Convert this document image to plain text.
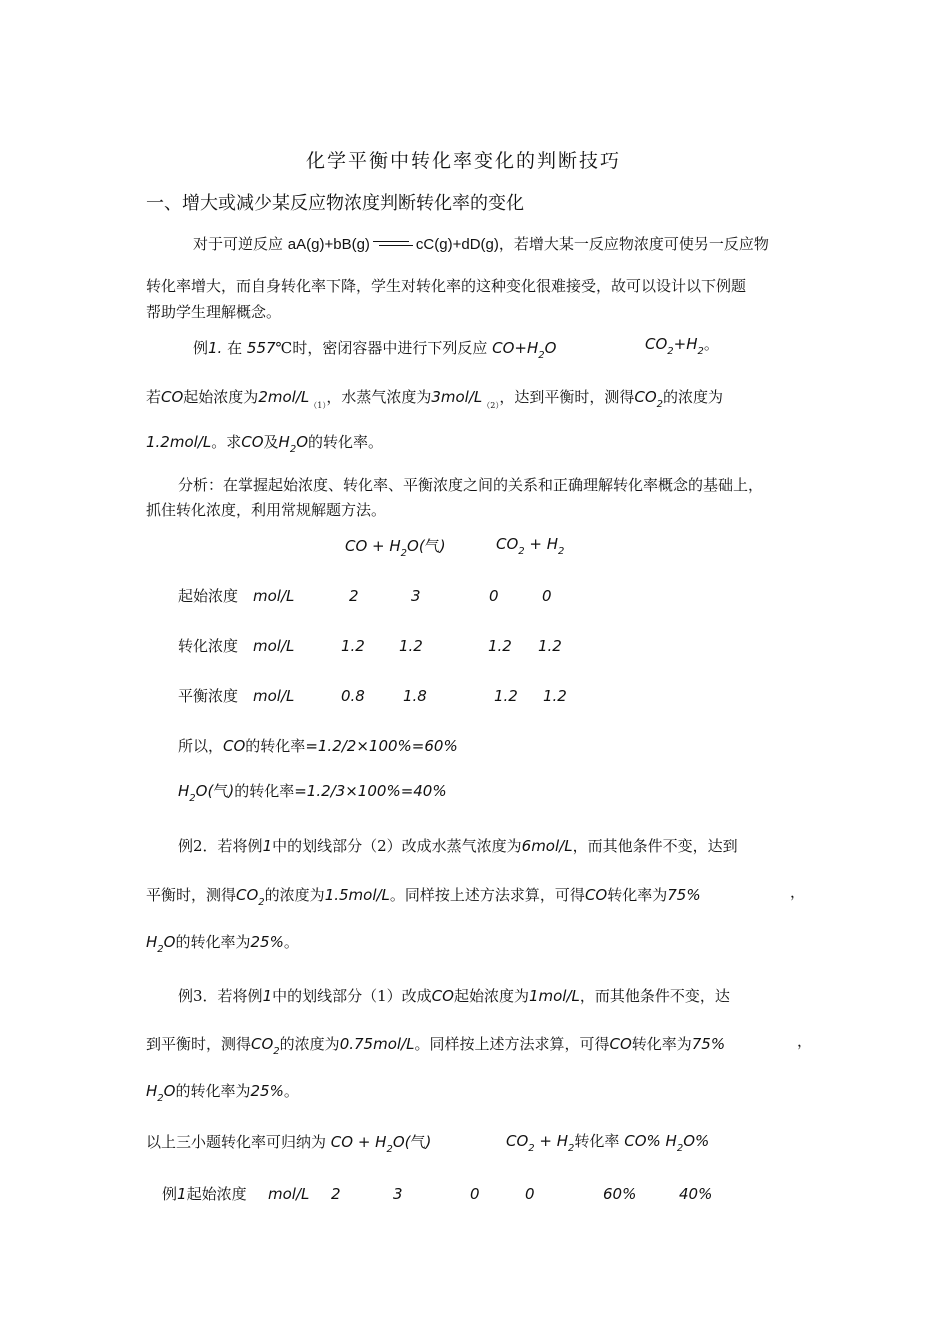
化学平衡中转化率变化的判断技巧
一、增大或减少某反应物浓度判断转化率的变化
对于可逆反应 aA(g)+bB(g)	cC(g)+dD(g)，若增大某一反应物浓度可使另一反应物
转化率增大，而自身转化率下降，学生对转化率的这种变化很难接受，故可以设计以下例题
帮助学生理解概念。
例1. 在 557℃时，密闭容器中进行下列反应 $CO+H_2O$	$CO_2+H_2$。
若CO起始浓度为$2mol/L_{(1)}$，水蒸气浓度为$3mol/L_{(2)}$，达到平衡时，测得$CO_2$的浓度为
1.2mol/L。求CO及$H_2O$的转化率。
分析：在掌握起始浓度、转化率、平衡浓度之间的关系和正确理解转化率概念的基础上，
抓住转化浓度，利用常规解题方法。
CO + $H_2O$(气)	$CO_2 + H_2$
起始浓度 mol/L	2	3	0	0
转化浓度 mol/L	1.2 1.2	1.2 1.2
平衡浓度 mol/L	0.8	1.8	1.2 1.2
所以，CO的转化率=1.2/2×100%=60%
$H_2O$(气)的转化率=1.2/3×100%=40%
例2．若将例1中的划线部分（2）改成水蒸气浓度为6mol/L，而其他条件不变，达到
平衡时，测得$CO_2$的浓度为1.5mol/L。同样按上述方法求算，可得CO转化率为75%	，
$H_2O$的转化率为25%。
例3．若将例1中的划线部分（1）改成CO起始浓度为1mol/L，而其他条件不变，达
到平衡时，测得$CO_2$的浓度为0.75mol/L。同样按上述方法求算，可得CO转化率为75%	，
$H_2O$的转化率为25%。
以上三小题转化率可归纳为 CO + $H_2O$(气)	$CO_2 + H_2$转化率 CO% $H_2O\%$
例1起始浓度 mol/L 2	3	0	0	60%	40%
